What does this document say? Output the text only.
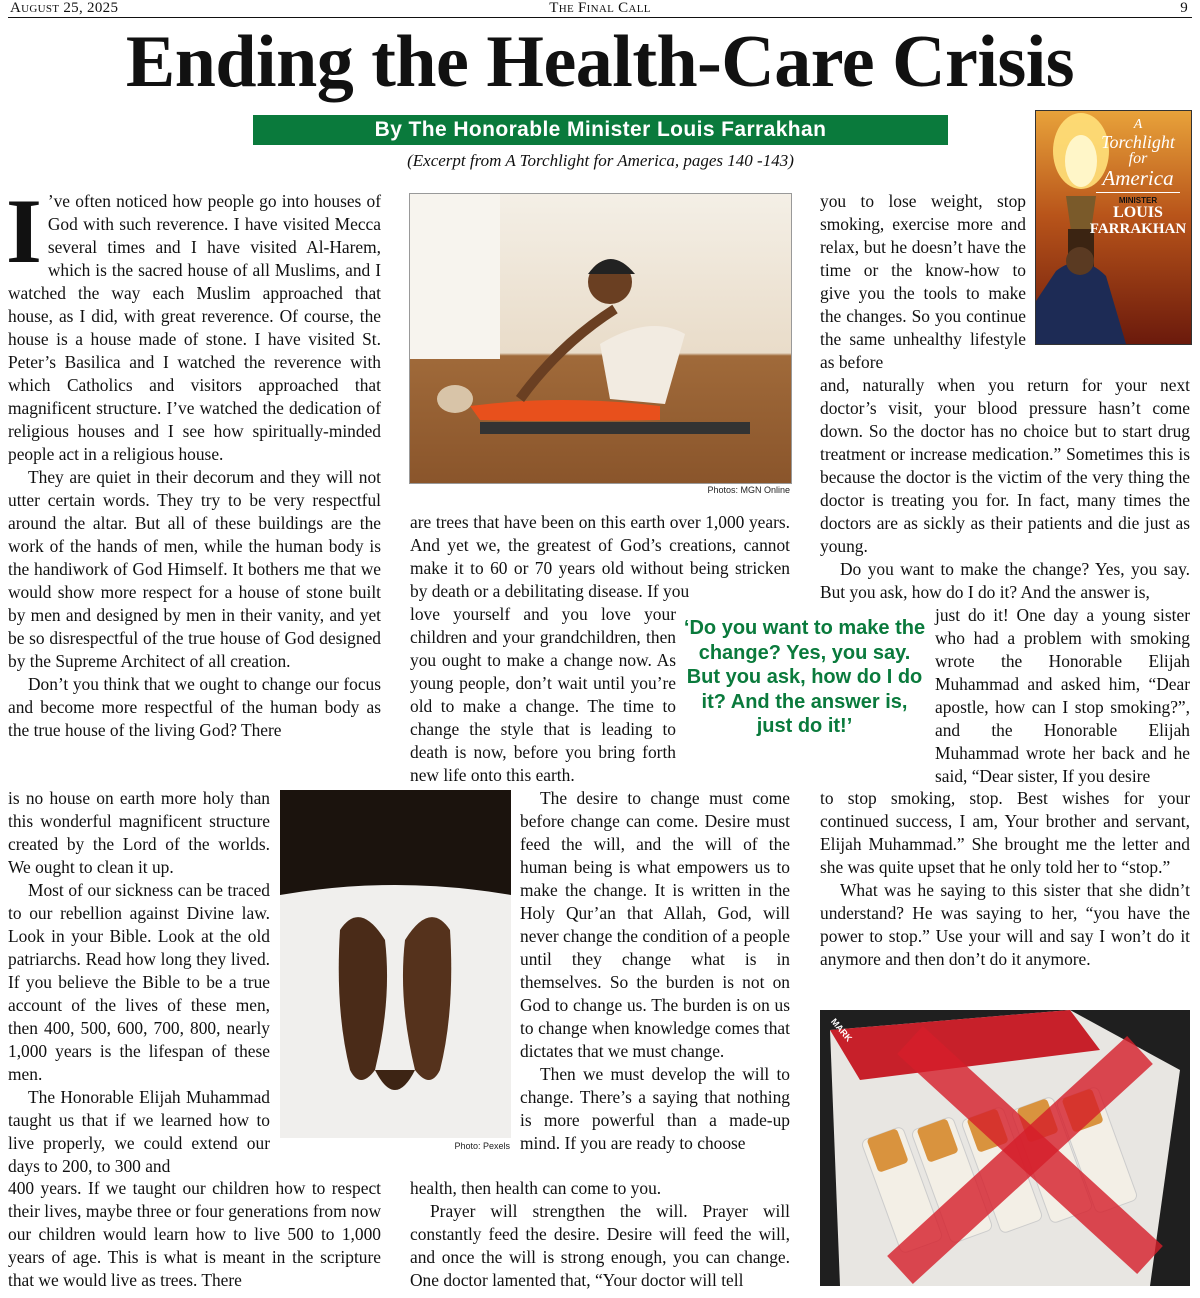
August 25, 2025	The Final Call	9
Ending the Health-Care Crisis
By The Honorable Minister Louis Farrakhan
(Excerpt from A Torchlight for America, pages 140 -143)
A
Torchlight
for
America
MINISTER
LOUIS
FARRAKHAN

I ’ve often noticed how people go into houses of God with such reverence. I have visited Mecca several times and I have visited Al-Harem, which is the sacred house of all Muslims, and I watched the way each Muslim approached that house, as I did, with great reverence. Of course, the house is a house made of stone. I have visited St. Peter’s Basilica and I watched the reverence with which Catholics and visitors approached that magnificent structure. I’ve watched the dedication of religious houses and I see how spiritually-minded people act in a religious house.

They are quiet in their decorum and they will not utter certain words. They try to be very respectful around the altar. But all of these buildings are the work of the hands of men, while the human body is the handiwork of God Himself. It bothers me that we would show more respect for a house of stone built by men and designed by men in their vanity, and yet be so disrespectful of the true house of God designed by the Supreme Architect of all creation.

Don’t you think that we ought to change our focus and become more respectful of the human body as the true house of the living God? There

is no house on earth more holy than this wonderful magnificent structure created by the Lord of the worlds. We ought to clean it up.

Most of our sickness can be traced to our rebellion against Divine law. Look in your Bible. Look at the old patriarchs. Read how long they lived. If you believe the Bible to be a true account of the lives of these men, then 400, 500, 600, 700, 800, nearly 1,000 years is the lifespan of these men.

The Honorable Elijah Muhammad taught us that if we learned how to live properly, we could extend our days to 200, to 300 and

400 years. If we taught our children how to respect their lives, maybe three or four generations from now our children would learn how to live 500 to 1,000 years of age. This is what is meant in the scripture that we would live as trees. There

Photos: MGN Online

are trees that have been on this earth over 1,000 years. And yet we, the greatest of God’s creations, cannot make it to 60 or 70 years old without being stricken by death or a debilitating disease. If you

love yourself and you love your children and your grandchildren, then you ought to make a change now. As young people, don’t wait until you’re old to make a change. The time to change the style that is leading to death is now, before you bring forth new life onto this earth.

‘Do you want to make the change? Yes, you say. But you ask, how do I do it? And the answer is, just do it!’
Photo: Pexels

The desire to change must come before change can come. Desire must feed the will, and the will of the human being is what empowers us to make the change. It is written in the Holy Qur’an that Allah, God, will never change the condition of a people until they change what is in themselves. So the burden is not on God to change us. The burden is on us to change when knowledge comes that dictates that we must change.

Then we must develop the will to change. There’s a saying that nothing is more powerful than a made-up mind. If you are ready to choose

health, then health can come to you.

Prayer will strengthen the will. Prayer will constantly feed the desire. Desire will feed the will, and once the will is strong enough, you can change. One doctor lamented that, “Your doctor will tell

you to lose weight, stop smoking, exercise more and relax, but he doesn’t have the time or the know-how to give you the tools to make the changes. So you continue the same unhealthy lifestyle as before

and, naturally when you return for your next doctor’s visit, your blood pressure hasn’t come down. So the doctor has no choice but to start drug treatment or increase medication.” Sometimes this is because the doctor is the victim of the very thing the doctor is treating you for. In fact, many times the doctors are as sickly as their patients and die just as young.

Do you want to make the change? Yes, you say. But you ask, how do I do it? And the answer is,

just do it! One day a young sister who had a problem with smoking wrote the Honorable Elijah Muhammad and asked him, “Dear apostle, how can I stop smoking?”, and the Honorable Elijah Muhammad wrote her back and he said, “Dear sister, If you desire

to stop smoking, stop. Best wishes for your continued success, I am, Your brother and servant, Elijah Muhammad.” She brought me the letter and she was quite upset that he only told her to “stop.”

What was he saying to this sister that she didn’t understand? He was saying to her, “you have the power to stop.” Use your will and say I won’t do it anymore and then don’t do it anymore.

MARK
